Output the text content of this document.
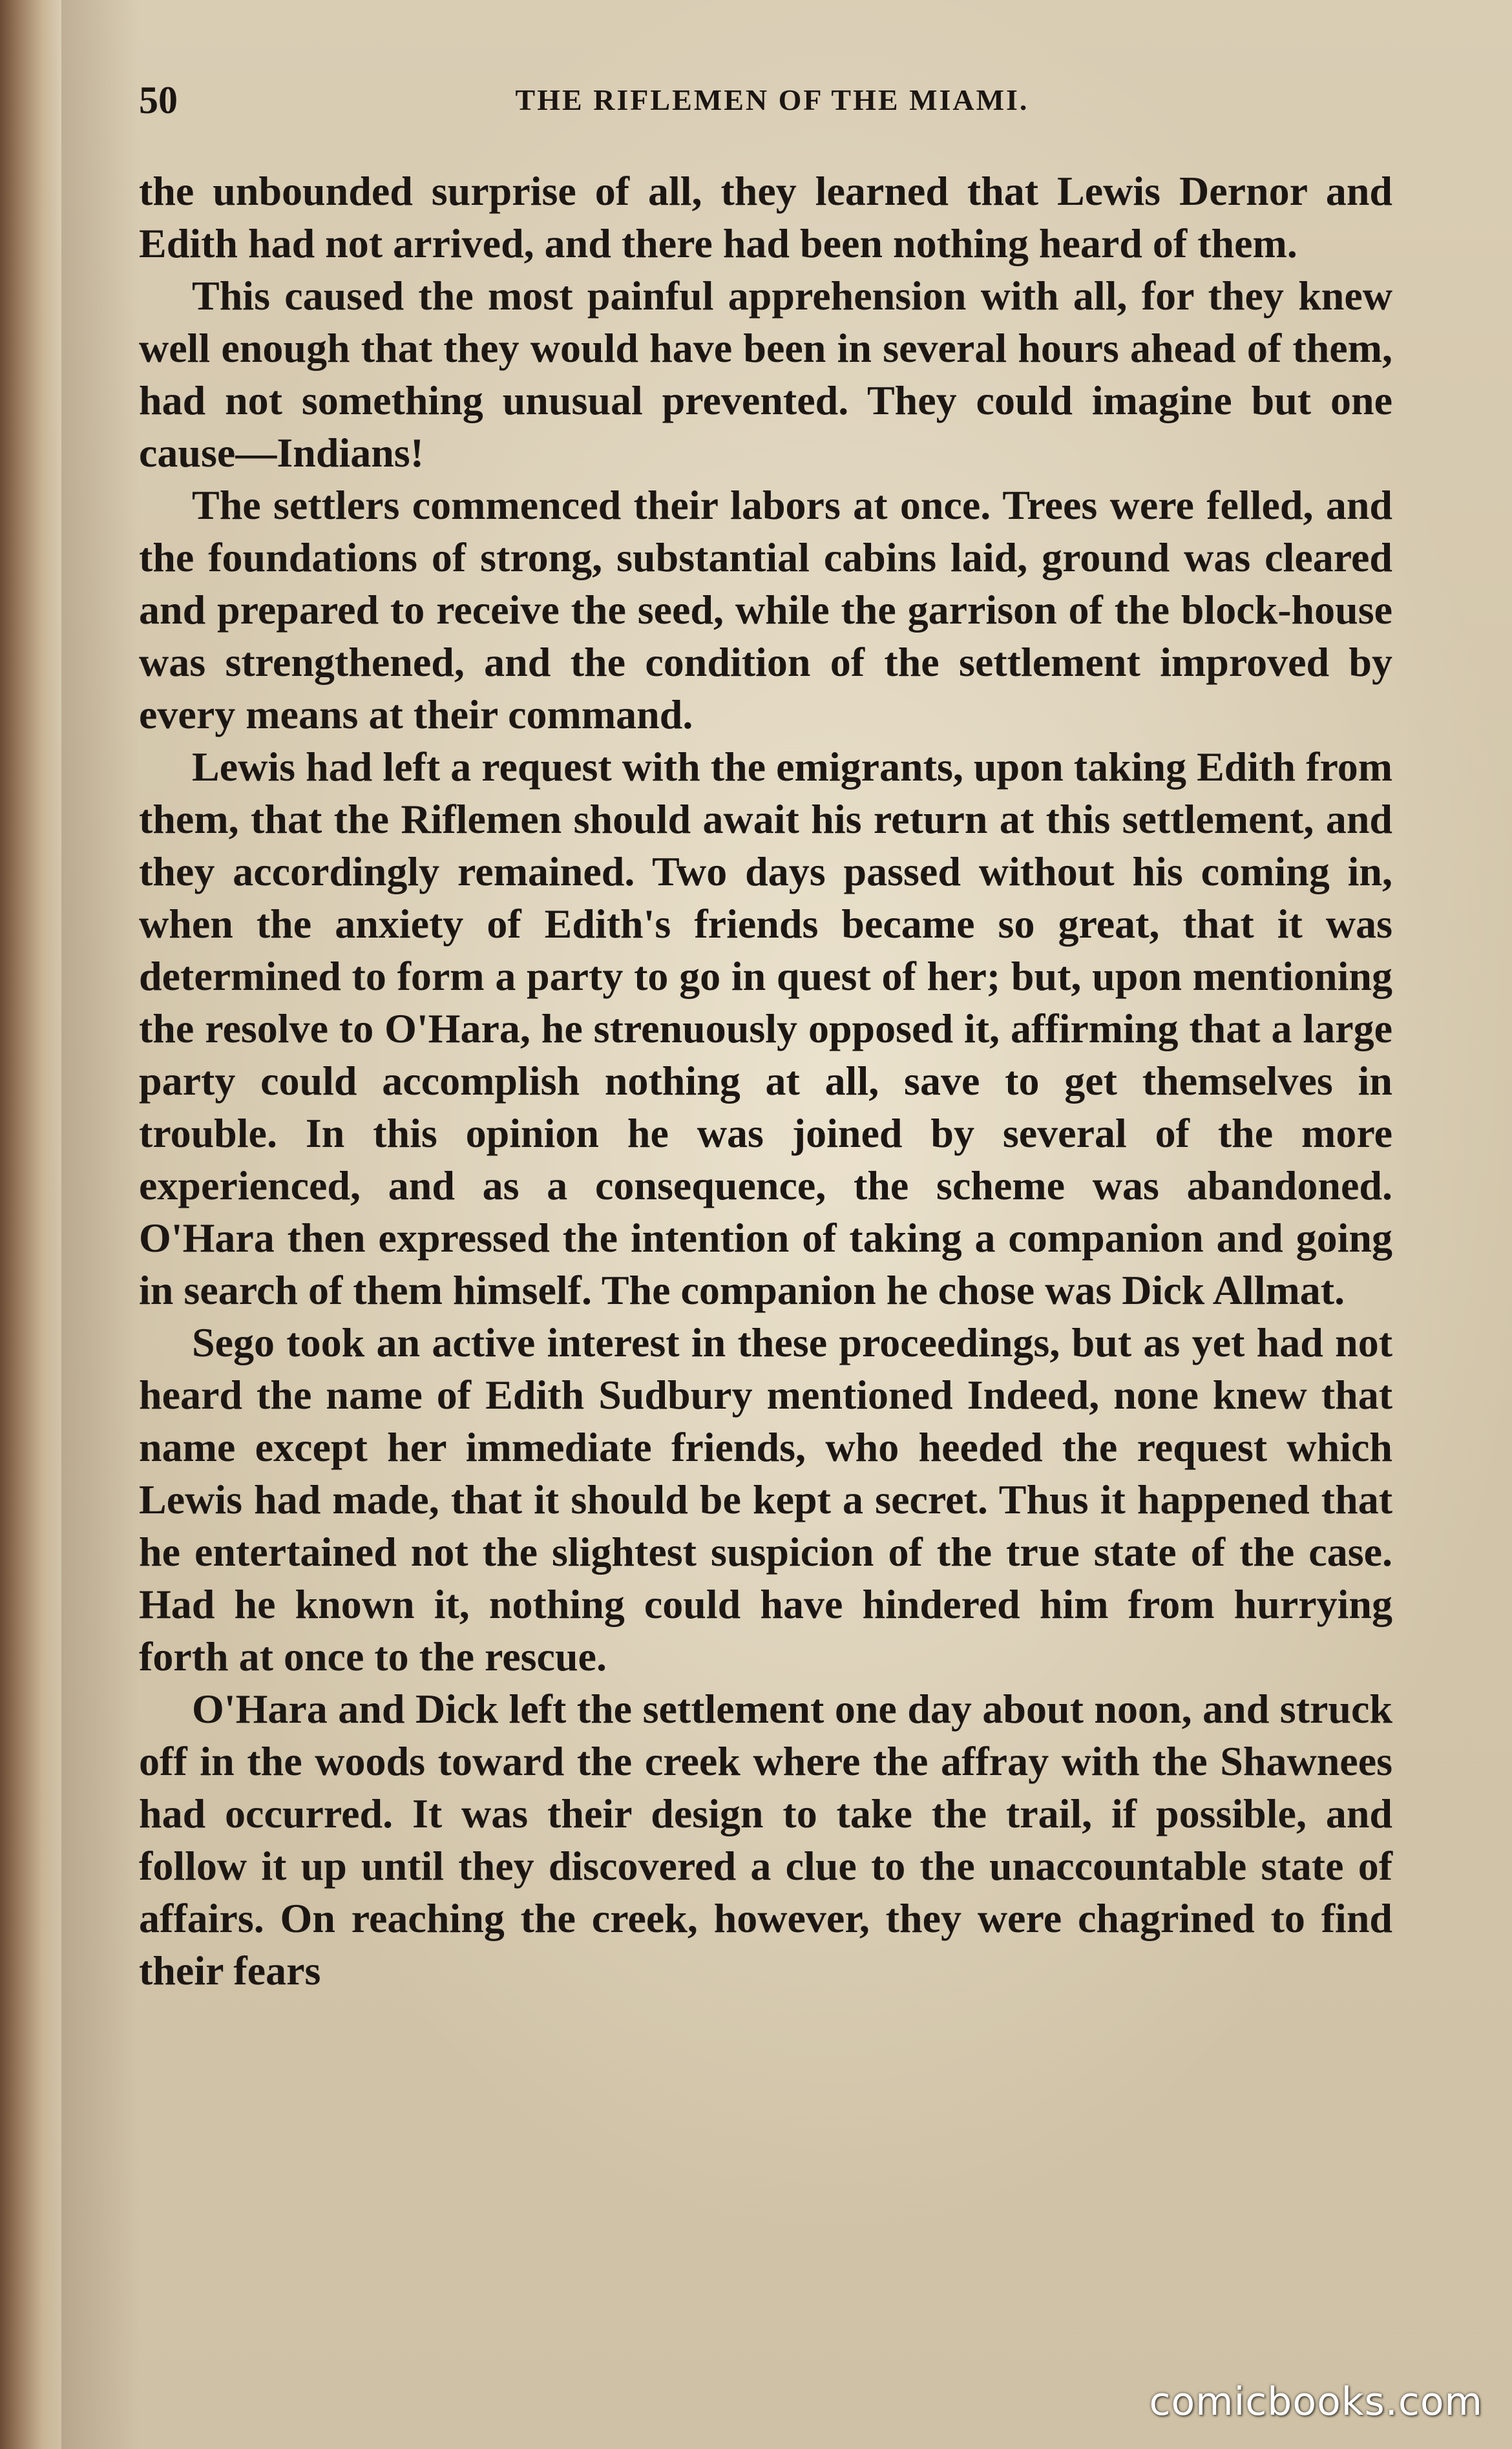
50	THE RIFLEMEN OF THE MIAMI.

the unbounded surprise of all, they learned that Lewis Dernor and Edith had not arrived, and there had been nothing heard of them.

This caused the most painful apprehension with all, for they knew well enough that they would have been in several hours ahead of them, had not something unusual prevented. They could imagine but one cause—Indians!

The settlers commenced their labors at once. Trees were felled, and the foundations of strong, substantial cabins laid, ground was cleared and prepared to receive the seed, while the garrison of the block-house was strengthened, and the condition of the settlement improved by every means at their command.

Lewis had left a request with the emigrants, upon taking Edith from them, that the Riflemen should await his return at this settlement, and they accordingly remained. Two days passed without his coming in, when the anxiety of Edith's friends became so great, that it was determined to form a party to go in quest of her; but, upon mentioning the resolve to O'Hara, he strenuously opposed it, affirming that a large party could accomplish nothing at all, save to get themselves in trouble. In this opinion he was joined by several of the more experienced, and as a consequence, the scheme was abandoned. O'Hara then expressed the intention of taking a companion and going in search of them himself. The companion he chose was Dick Allmat.

Sego took an active interest in these proceedings, but as yet had not heard the name of Edith Sudbury mentioned Indeed, none knew that name except her immediate friends, who heeded the request which Lewis had made, that it should be kept a secret. Thus it happened that he entertained not the slightest suspicion of the true state of the case. Had he known it, nothing could have hindered him from hurrying forth at once to the rescue.

O'Hara and Dick left the settlement one day about noon, and struck off in the woods toward the creek where the affray with the Shawnees had occurred. It was their design to take the trail, if possible, and follow it up until they discovered a clue to the unaccountable state of affairs. On reaching the creek, however, they were chagrined to find their fears

comicbooks.com
